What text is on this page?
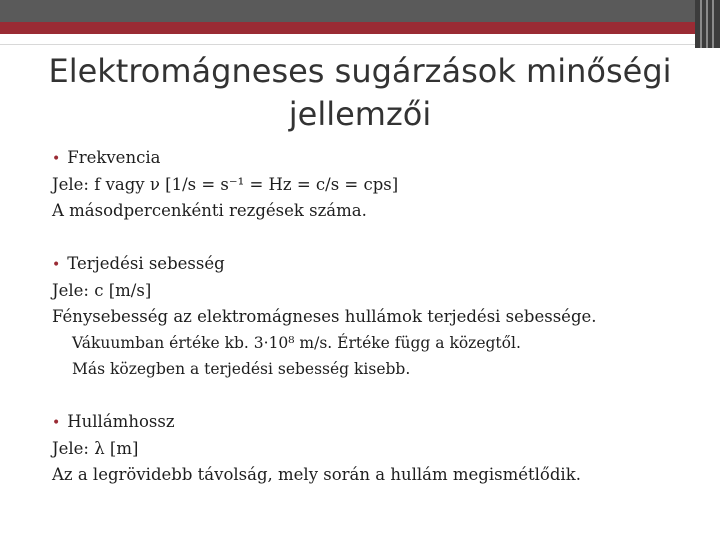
Elektromágneses sugárzások minőségi
jellemzői
• Frekvencia
Jele: f vagy ν [1/s = s⁻¹ = Hz = c/s = cps]
A másodpercenkénti rezgések száma.
• Terjedési sebesség
Jele: c [m/s]
Fénysebesség az elektromágneses hullámok terjedési sebessége.
Vákuumban értéke kb. 3·10⁸ m/s. Értéke függ a közegtől.
Más közegben a terjedési sebesség kisebb.
• Hullámhossz
Jele: λ [m]
Az a legrövidebb távolság, mely során a hullám megismétlődik.
